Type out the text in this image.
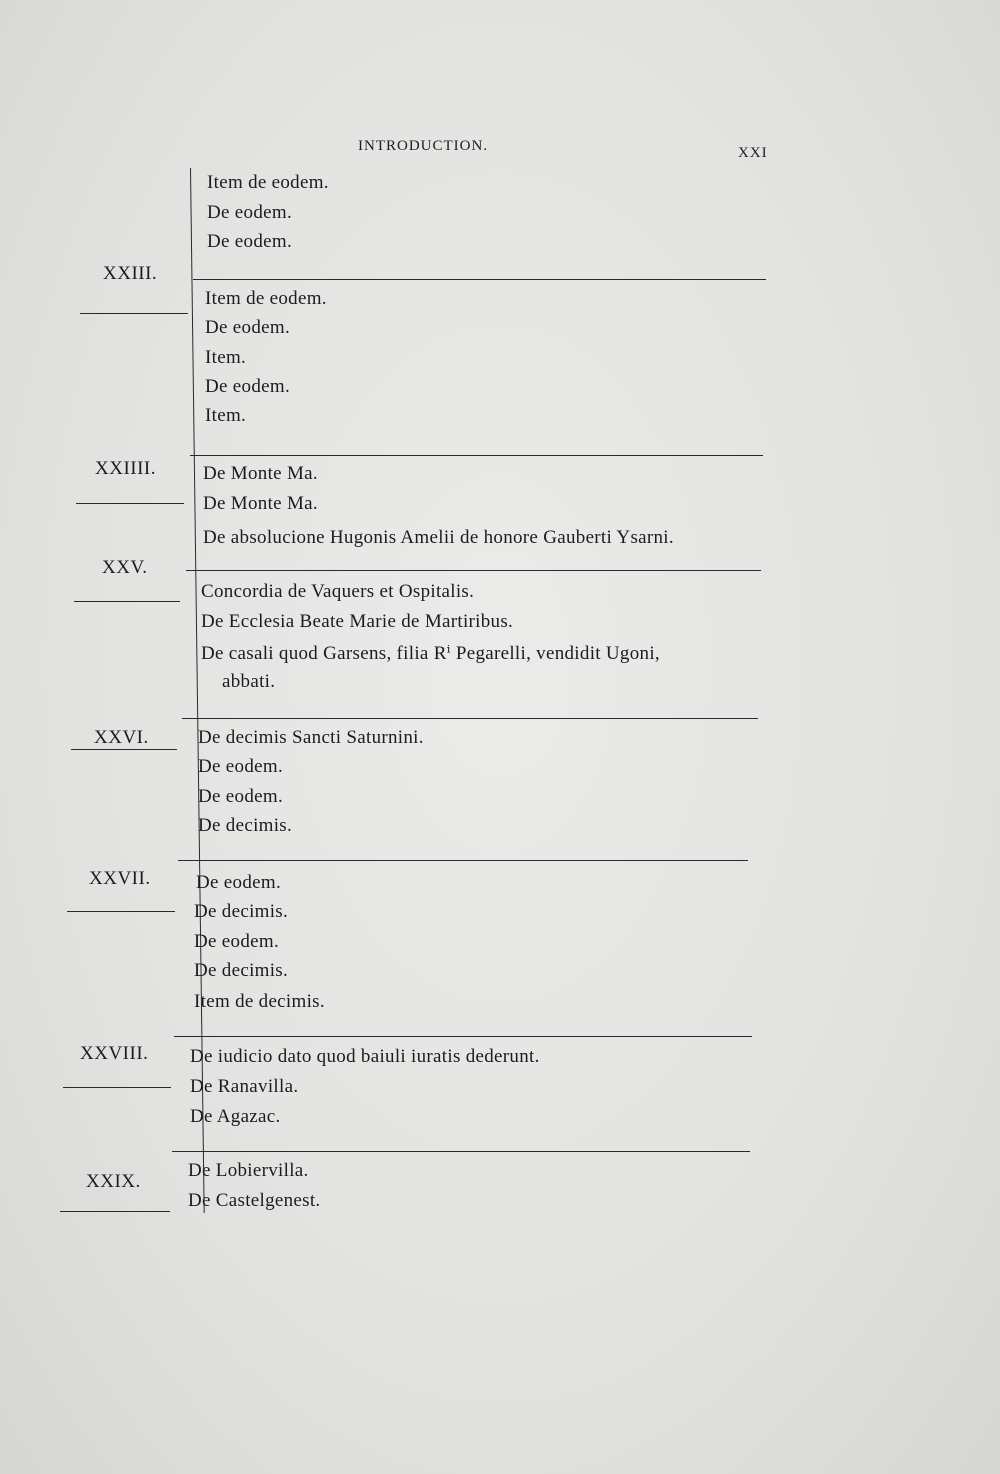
INTRODUCTION.	XXI
XXIII.
XXIIII.
XXV.
XXVI.
XXVII.
XXVIII.
XXIX.
Item de eodem.
De eodem.
De eodem.
Item de eodem.
De eodem.
Item.
De eodem.
Item.
De Monte Ma.
De Monte Ma.
De absolucione Hugonis Amelii de honore Gauberti Ysarni.
Concordia de Vaquers et Ospitalis.
De Ecclesia Beate Marie de Martiribus.
De casali quod Garsens, filia Rⁱ Pegarelli, vendidit Ugoni,
abbati.
De decimis Sancti Saturnini.
De eodem.
De eodem.
De decimis.
De eodem.
De decimis.
De eodem.
De decimis.
Item de decimis.
De iudicio dato quod baiuli iuratis dederunt.
De Ranavilla.
De Agazac.
De Lobiervilla.
De Castelgenest.
